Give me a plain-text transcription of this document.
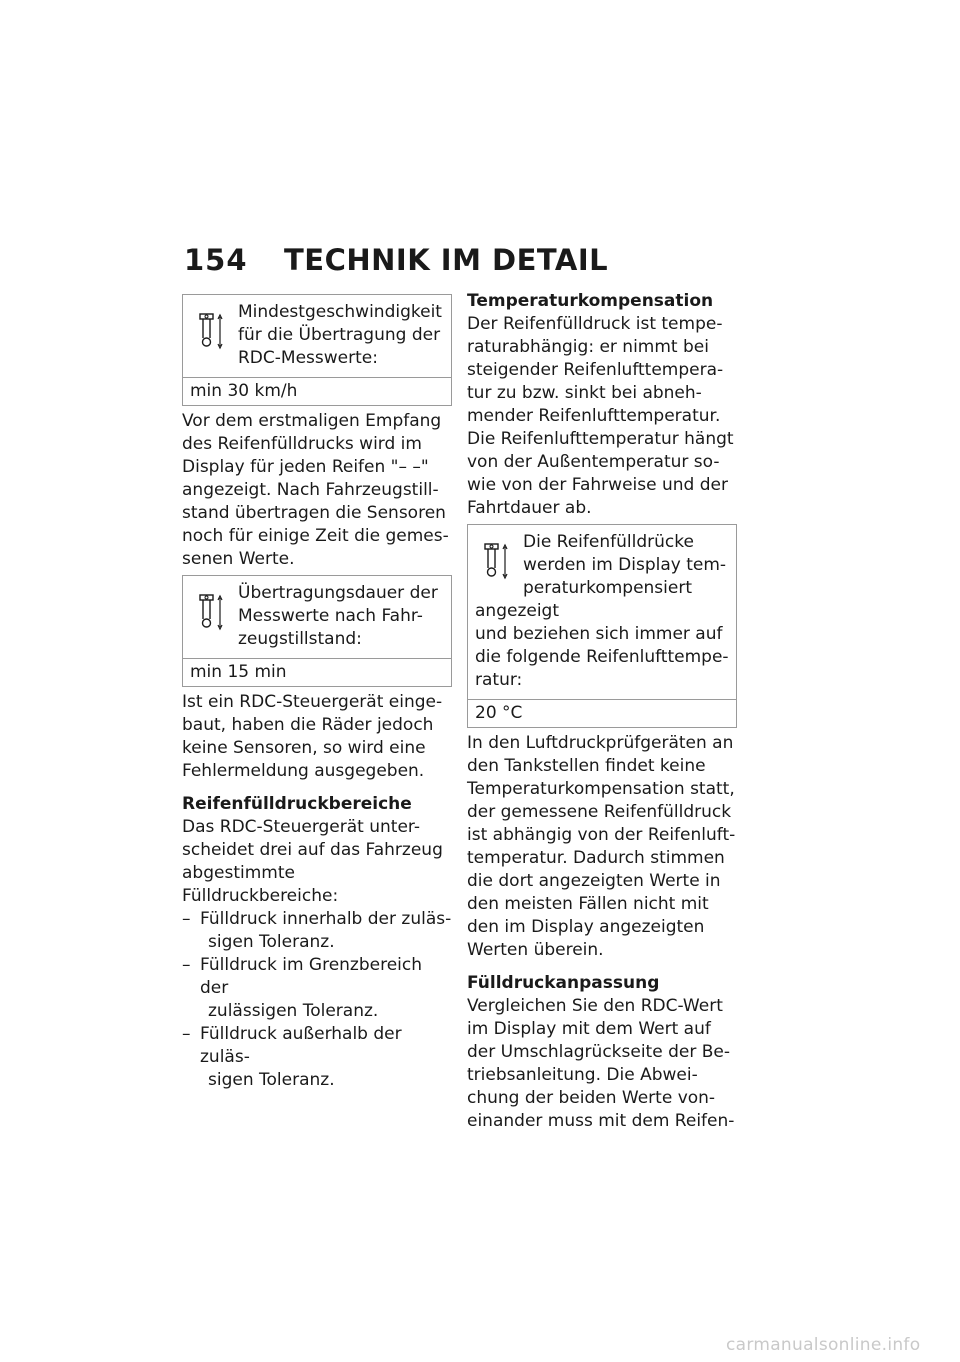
154	TECHNIK IM DETAIL
Mindestgeschwindigkeit
für die Übertragung der
RDC-Messwerte:
min 30 km/h

Vor dem erstmaligen Empfang
des Reifenfülldrucks wird im
Display für jeden Reifen "– –"
angezeigt. Nach Fahrzeugstill-
stand übertragen die Sensoren
noch für einige Zeit die gemes-
senen Werte.

Übertragungsdauer der
Messwerte nach Fahr-
zeugstillstand:
min 15 min

Ist ein RDC-Steuergerät einge-
baut, haben die Räder jedoch
keine Sensoren, so wird eine
Fehlermeldung ausgegeben.

Reifenfülldruckbereiche

Das RDC-Steuergerät unter-
scheidet drei auf das Fahrzeug
abgestimmte Fülldruckbereiche:

– Fülldruck innerhalb der zuläs-
sigen Toleranz.
– Fülldruck im Grenzbereich der
zulässigen Toleranz.
– Fülldruck außerhalb der zuläs-
sigen Toleranz.

Temperaturkompensation

Der Reifenfülldruck ist tempe-
raturabhängig: er nimmt bei
steigender Reifenlufttempera-
tur zu bzw. sinkt bei abneh-
mender Reifenlufttemperatur.
Die Reifenlufttemperatur hängt
von der Außentemperatur so-
wie von der Fahrweise und der
Fahrtdauer ab.

Die Reifenfülldrücke
werden im Display tem-
peraturkompensiert angezeigt
und beziehen sich immer auf
die folgende Reifenlufttempe-
ratur:
20 °C

In den Luftdruckprüfgeräten an
den Tankstellen findet keine
Temperaturkompensation statt,
der gemessene Reifenfülldruck
ist abhängig von der Reifenluft-
temperatur. Dadurch stimmen
die dort angezeigten Werte in
den meisten Fällen nicht mit
den im Display angezeigten
Werten überein.

Fülldruckanpassung

Vergleichen Sie den RDC-Wert
im Display mit dem Wert auf
der Umschlagrückseite der Be-
triebsanleitung. Die Abwei-
chung der beiden Werte von-
einander muss mit dem Reifen-

carmanualsonline.info
